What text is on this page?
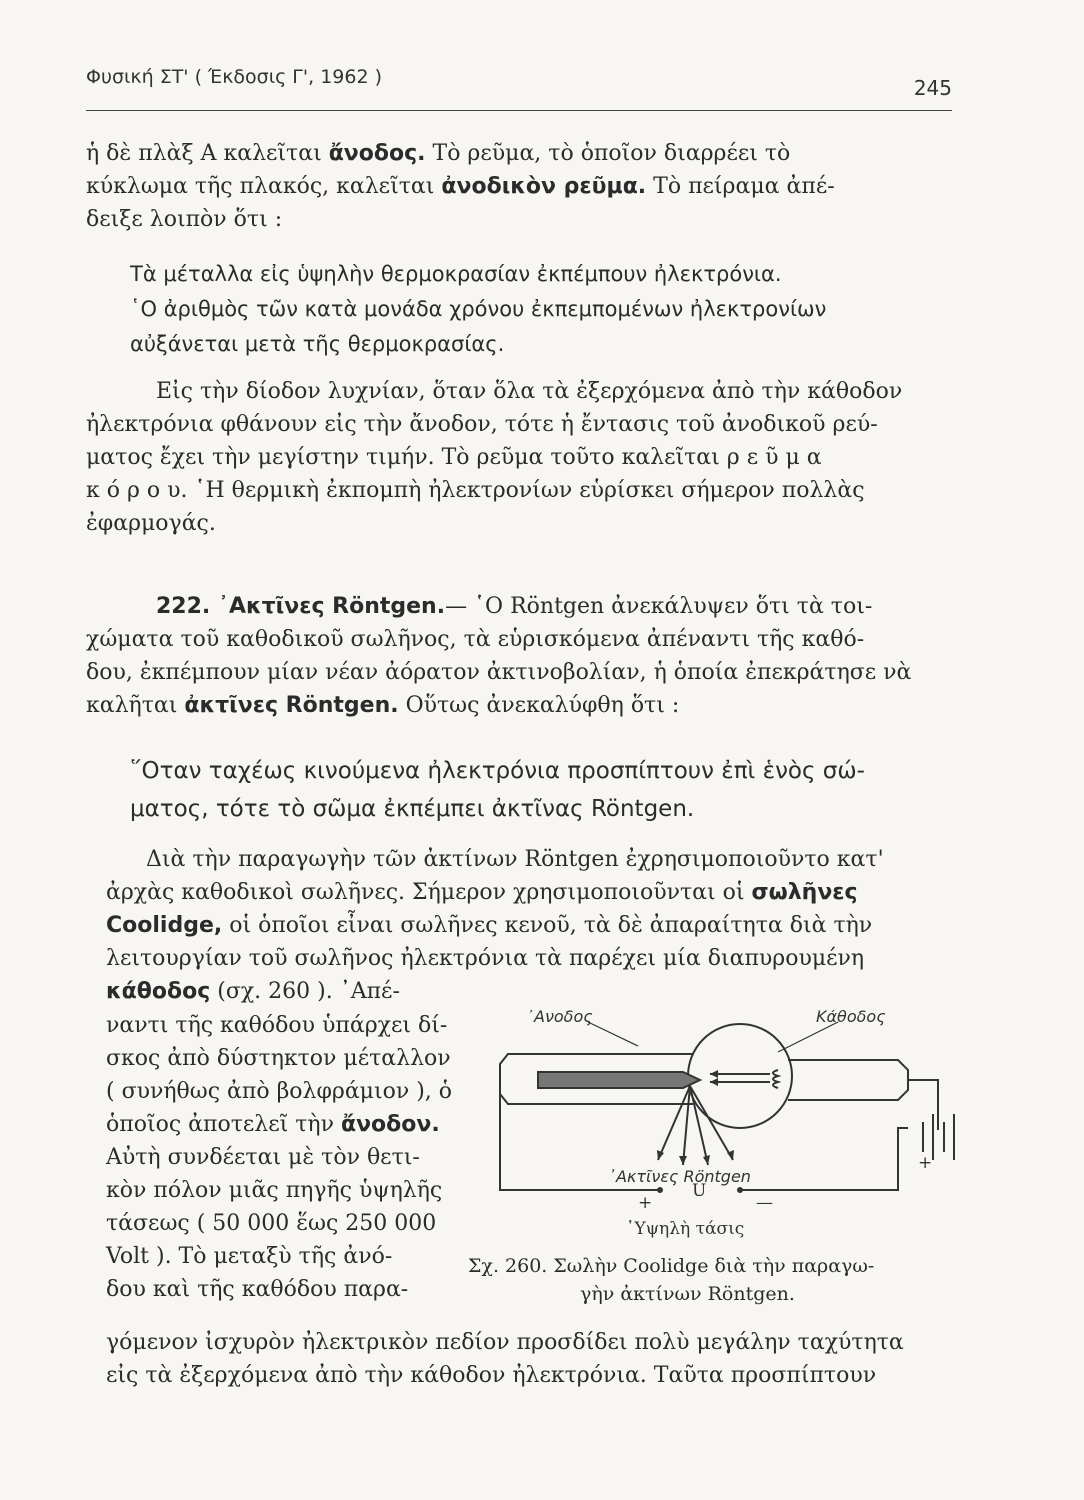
Φυσική ΣΤ' ( Έκδοσις Γ', 1962 )	245
ἡ δὲ πλὰξ Α καλεῖται ἄνοδος. Τὸ ρεῦμα, τὸ ὁποῖον διαρρέει τὸ
κύκλωμα τῆς πλακός, καλεῖται ἀνοδικὸν ρεῦμα. Τὸ πείραμα ἀπέ-
δειξε λοιπὸν ὅτι :
Τὰ μέταλλα εἰς ὑψηλὴν θερμοκρασίαν ἐκπέμπουν ἠλεκτρόνια.
῾Ο ἀριθμὸς τῶν κατὰ μονάδα χρόνου ἐκπεμπομένων ἠλεκτρονίων
αὐξάνεται μετὰ τῆς θερμοκρασίας.
Εἰς τὴν δίοδον λυχνίαν, ὅταν ὅλα τὰ ἐξερχόμενα ἀπὸ τὴν κάθοδον
ἠλεκτρόνια φθάνουν εἰς τὴν ἄνοδον, τότε ἡ ἔντασις τοῦ ἀνοδικοῦ ρεύ-
ματος ἔχει τὴν μεγίστην τιμήν. Τὸ ρεῦμα τοῦτο καλεῖται ρ ε ῦ μ α
κ ό ρ ο υ. ῾Η θερμικὴ ἐκπομπὴ ἠλεκτρονίων εὑρίσκει σήμερον πολλὰς
ἐφαρμογάς.
222. ᾿Ακτῖνες Röntgen.— ῾Ο Röntgen ἀνεκάλυψεν ὅτι τὰ τοι-
χώματα τοῦ καθοδικοῦ σωλῆνος, τὰ εὑρισκόμενα ἀπέναντι τῆς καθό-
δου, ἐκπέμπουν μίαν νέαν ἀόρατον ἀκτινοβολίαν, ἡ ὁποία ἐπεκράτησε νὰ
καλῆται ἀκτῖνες Röntgen. Οὕτως ἀνεκαλύφθη ὅτι :
῞Οταν ταχέως κινούμενα ἠλεκτρόνια προσπίπτουν ἐπὶ ἑνὸς σώ-
ματος, τότε τὸ σῶμα ἐκπέμπει ἀκτῖνας Röntgen.
Διὰ τὴν παραγωγὴν τῶν ἀκτίνων Röntgen ἐχρησιμοποιοῦντο κατ'
ἀρχὰς καθοδικοὶ σωλῆνες. Σήμερον χρησιμοποιοῦνται οἱ σωλῆνες
Coolidge, οἱ ὁποῖοι εἶναι σωλῆνες κενοῦ, τὰ δὲ ἀπαραίτητα διὰ τὴν
λειτουργίαν τοῦ σωλῆνος ἠλεκτρόνια τὰ παρέχει μία διαπυρουμένη
κάθοδος (σχ. 260 ). ᾿Απέ-
ναντι τῆς καθόδου ὑπάρχει δί-
σκος ἀπὸ δύστηκτον μέταλλον
( συνήθως ἀπὸ βολφράμιον ), ὁ
ὁποῖος ἀποτελεῖ τὴν ἄνοδον.
Αὐτὴ συνδέεται μὲ τὸν θετι-
κὸν πόλον μιᾶς πηγῆς ὑψηλῆς
τάσεως ( 50 000 ἕως 250 000
Volt ). Τὸ μεταξὺ τῆς ἀνό-
δου καὶ τῆς καθόδου παρα-
᾿Ανοδος	Κάθοδος
᾿Ακτῖνες Röntgen
+
U
—
+
῾Υψηλὴ τάσις
Σχ. 260. Σωλὴν Coolidge διὰ τὴν παραγω-
γὴν ἀκτίνων Röntgen.
γόμενον ἰσχυρὸν ἠλεκτρικὸν πεδίον προσδίδει πολὺ μεγάλην ταχύτητα
εἰς τὰ ἐξερχόμενα ἀπὸ τὴν κάθοδον ἠλεκτρόνια. Ταῦτα προσπίπτουν
